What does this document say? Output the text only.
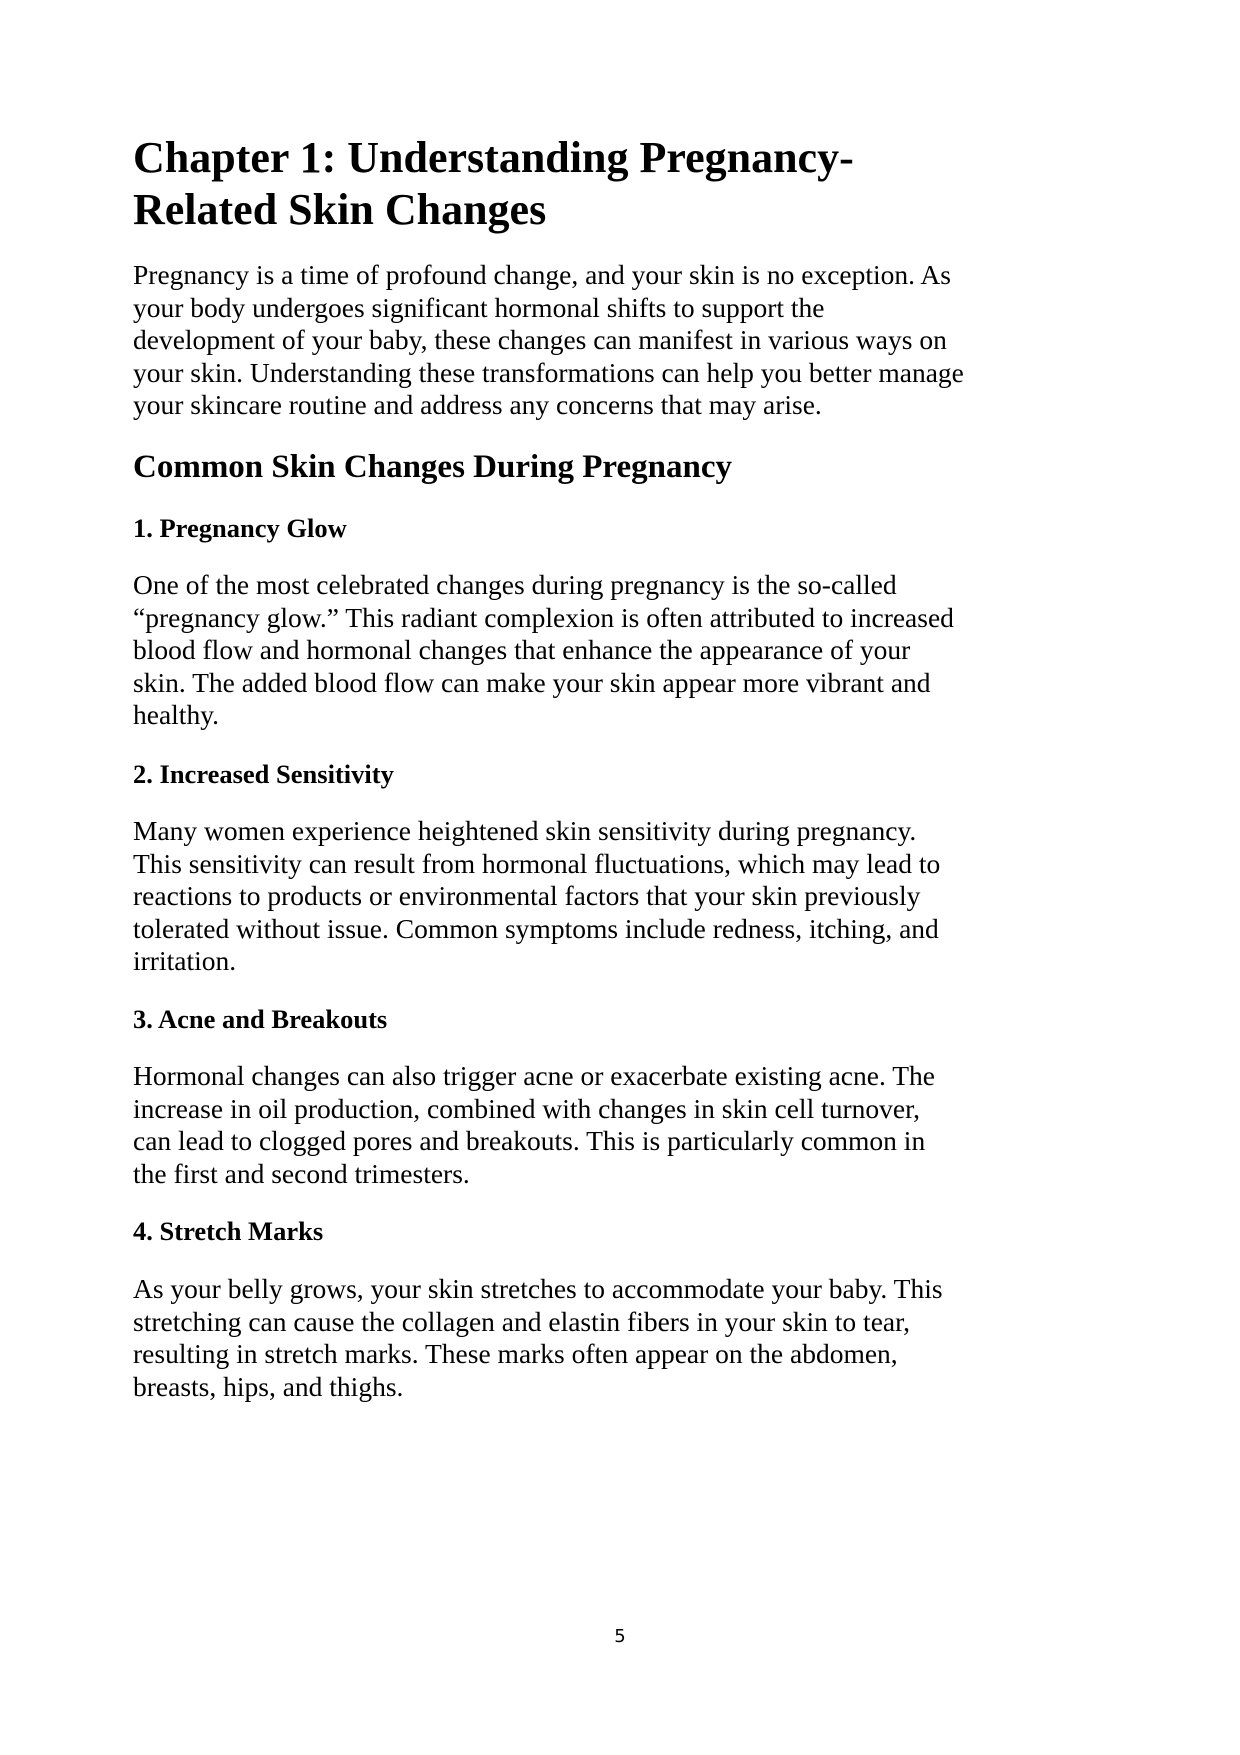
Chapter 1: Understanding Pregnancy-
Related Skin Changes
Pregnancy is a time of profound change, and your skin is no exception. As
your body undergoes significant hormonal shifts to support the
development of your baby, these changes can manifest in various ways on
your skin. Understanding these transformations can help you better manage
your skincare routine and address any concerns that may arise.
Common Skin Changes During Pregnancy
1. Pregnancy Glow
One of the most celebrated changes during pregnancy is the so-called
“pregnancy glow.” This radiant complexion is often attributed to increased
blood flow and hormonal changes that enhance the appearance of your
skin. The added blood flow can make your skin appear more vibrant and
healthy.
2. Increased Sensitivity
Many women experience heightened skin sensitivity during pregnancy.
This sensitivity can result from hormonal fluctuations, which may lead to
reactions to products or environmental factors that your skin previously
tolerated without issue. Common symptoms include redness, itching, and
irritation.
3. Acne and Breakouts
Hormonal changes can also trigger acne or exacerbate existing acne. The
increase in oil production, combined with changes in skin cell turnover,
can lead to clogged pores and breakouts. This is particularly common in
the first and second trimesters.
4. Stretch Marks
As your belly grows, your skin stretches to accommodate your baby. This
stretching can cause the collagen and elastin fibers in your skin to tear,
resulting in stretch marks. These marks often appear on the abdomen,
breasts, hips, and thighs.
5
